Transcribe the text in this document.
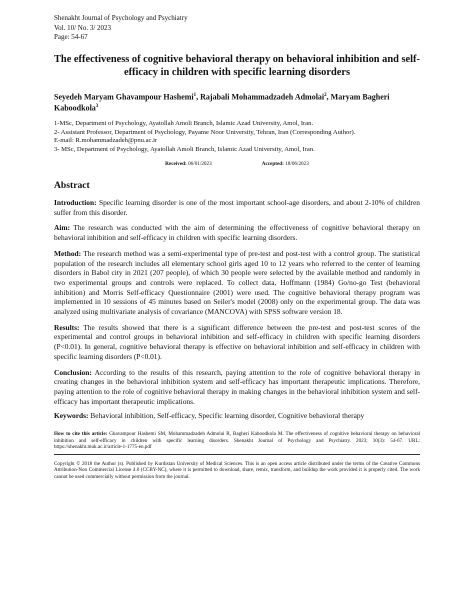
Shenakht Journal of Psychology and Psychiatry
Vol. 10/ No. 3/ 2023
Page: 54-67
The effectiveness of cognitive behavioral therapy on behavioral inhibition and self-efficacy in children with specific learning disorders
Seyedeh Maryam Ghavampour Hashemi$^1$, Rajabali Mohammadzadeh Admolai$^2$, Maryam Bagheri Kaboodkola$^3$
1-MSc, Department of Psychology, Ayatollah Amoli Branch, Islamic Azad University, Amol, Iran.
2- Assistant Professor, Department of Psychology, Payame Noor University, Tehran, Iran (Corresponding Author).
E-mail: R.mohammadzadeh@pnu.ac.ir
3- MSc, Department of Psychology, Ayatollah Amoli Branch, Islamic Azad University, Amol, Iran.
Received: 06/01/2023	Accepted: 18/06/2023
Abstract
Introduction: Specific learning disorder is one of the most important school-age disorders, and about 2-10% of children suffer from this disorder.
Aim: The research was conducted with the aim of determining the effectiveness of cognitive behavioral therapy on behavioral inhibition and self-efficacy in children with specific learning disorders.
Method: The research method was a semi-experimental type of pre-test and post-test with a control group. The statistical population of the research includes all elementary school girls aged 10 to 12 years who referred to the center of learning disorders in Babol city in 2021 (207 people), of which 30 people were selected by the available method and randomly in two experimental groups and controls were replaced. To collect data, Hoffmann (1984) Go/no-go Test (behavioral inhibition) and Morris Self-efficacy Questionnaire (2001) were used. The cognitive behavioral therapy program was implemented in 10 sessions of 45 minutes based on Seiler's model (2008) only on the experimental group. The data was analyzed using multivariate analysis of covariance (MANCOVA) with SPSS software version 18.
Results: The results showed that there is a significant difference between the pre-test and post-test scores of the experimental and control groups in behavioral inhibition and self-efficacy in children with specific learning disorders (P<0.01). In general, cognitive behavioral therapy is effective on behavioral inhibition and self-efficacy in children with specific learning disorders (P<0.01).
Conclusion: According to the results of this research, paying attention to the role of cognitive behavioral therapy in creating changes in the behavioral inhibition system and self-efficacy has important therapeutic implications. Therefore, paying attention to the role of cognitive behavioral therapy in making changes in the behavioral inhibition system and self-efficacy has important therapeutic implications.
Keywords: Behavioral inhibition, Self-efficacy, Specific learning disorder, Cognitive behavioral therapy
How to cite this article: Ghavampour Hashemi SM, Mohammadzadeh Admolai R, Bagheri Kaboodkola M. The effectiveness of cognitive behavioral therapy on behavioral inhibition and self-efficacy in children with specific learning disorders. Shenakht Journal of Psychology and Psychiatry. 2023; 10(3): 54-67. URL: https://shenakht.muk.ac.ir/article-1-1775-en.pdf
Copyright © 2018 the Author (s). Published by Kurdistan University of Medical Sciences. This is an open access article distributed under the terms of the Creative Commons Attribution-Non Commercial License 4.0 (CCBY-NC), where it is permitted to download, share, remix, transform, and buildup the work provided it is properly cited. The work cannot be used commercially without permission from the journal.
